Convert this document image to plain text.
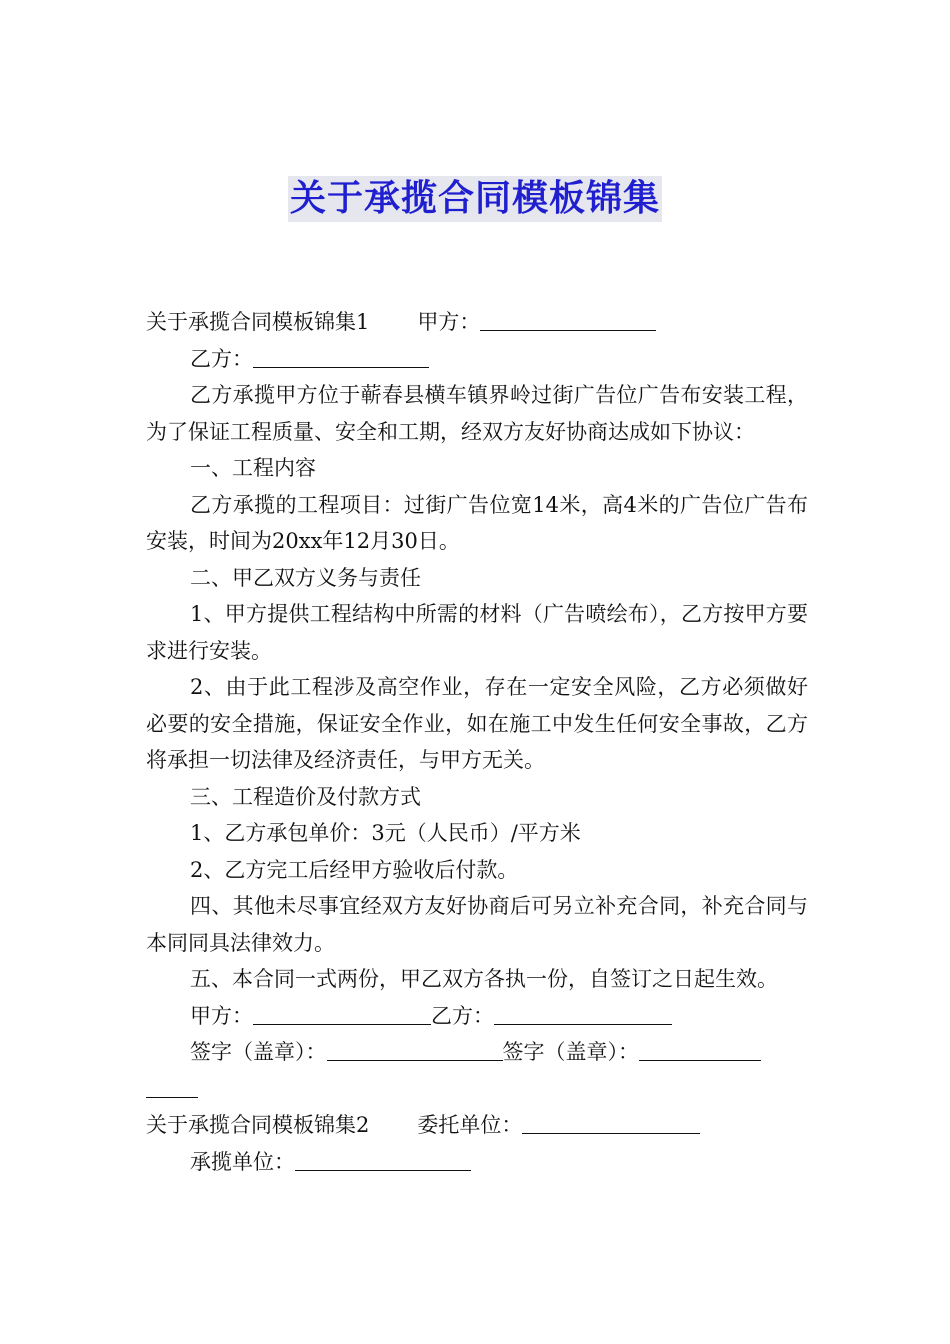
关于承揽合同模板锦集

关于承揽合同模板锦集1 甲方：

乙方：

乙方承揽甲方位于蕲春县横车镇界岭过街广告位广告布安装工程，为了保证工程质量、安全和工期，经双方友好协商达成如下协议：

一、工程内容

乙方承揽的工程项目：过街广告位宽14米，高4米的广告位广告布安装，时间为20xx年12月30日。

二、甲乙双方义务与责任

1、甲方提供工程结构中所需的材料（广告喷绘布），乙方按甲方要求进行安装。

2、由于此工程涉及高空作业，存在一定安全风险，乙方必须做好必要的安全措施，保证安全作业，如在施工中发生任何安全事故，乙方将承担一切法律及经济责任，与甲方无关。

三、工程造价及付款方式

1、乙方承包单价：3元（人民币）/平方米

2、乙方完工后经甲方验收后付款。

四、其他未尽事宜经双方友好协商后可另立补充合同，补充合同与本同同具法律效力。

五、本合同一式两份，甲乙双方各执一份，自签订之日起生效。

甲方：	乙方：

签字（盖章）：	签字（盖章）：

关于承揽合同模板锦集2 委托单位：

承揽单位：
